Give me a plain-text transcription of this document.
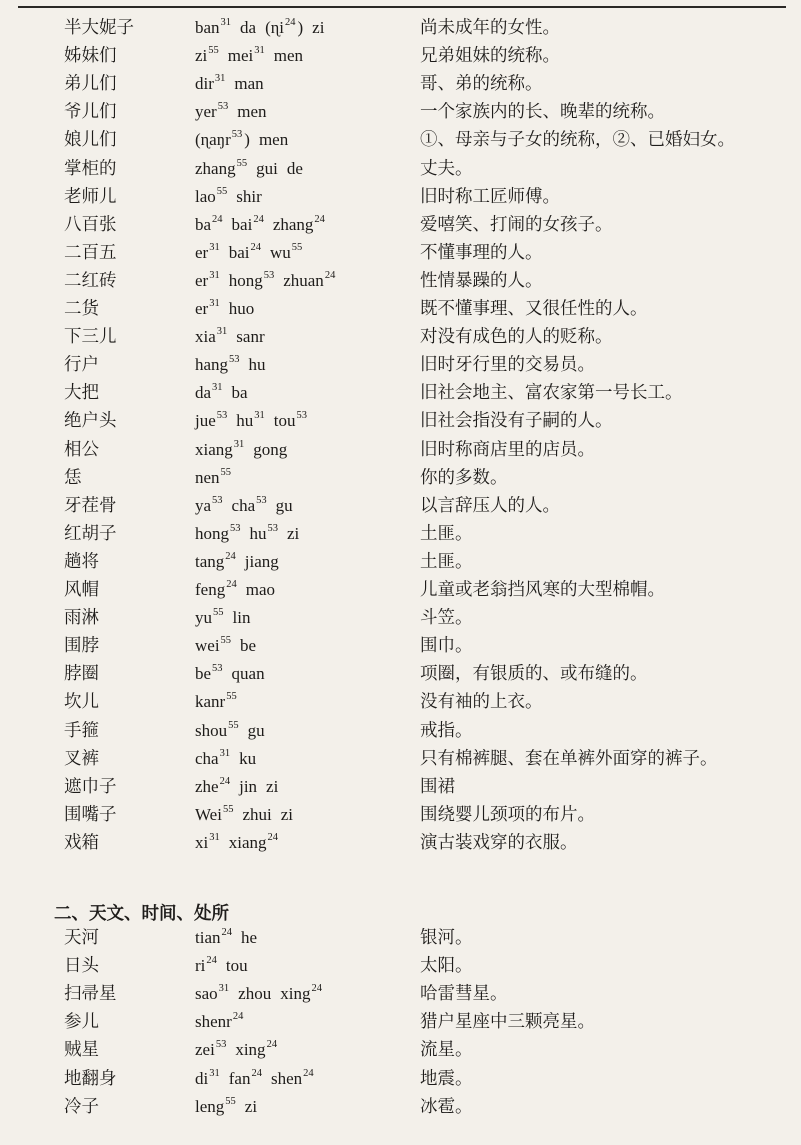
二、天文、时间、处所
半大妮子	ban$^{31}$ da (ɳi$^{24}$ ) zi	尚未成年的女性。
姊妹们	$zi^{55}$ mei$^{31}$ men	兄弟姐妹的统称。
弟儿们	dir$^{31}$ man	哥、弟的统称。
爷儿们	yer$^{53}$ men	一个家族内的长、晚辈的统称。
娘儿们	(ɳaŋr$^{53}$ ) men	①、母亲与子女的统称，②、已婚妇女。
掌柜的	zhang$^{55}$ gui de	丈夫。
老师儿	lao$^{55}$ shir	旧时称工匠师傅。
八百张	$ba^{24}$ bai$^{24}$ zhang$^{24}$	爱嘻笑、打闹的女孩子。
二百五	$er^{31}$ bai$^{24}$ $wu^{55}$	不懂事理的人。
二红砖	$er^{31}$ hong$^{53}$ zhuan$^{24}$	性情暴躁的人。
二货	$er^{31}$ huo	既不懂事理、又很任性的人。
下三儿	xia$^{31}$ sanr	对没有成色的人的贬称。
行户	hang$^{53}$ hu	旧时牙行里的交易员。
大把	$da^{31}$ ba	旧社会地主、富农家第一号长工。
绝户头	jue$^{53}$ $hu^{31}$ tou$^{53}$	旧社会指没有子嗣的人。
相公	xiang$^{31}$ gong	旧时称商店里的店员。
恁	nen$^{55}$	你的多数。
牙茬骨	$ya^{53}$ cha$^{53}$ gu	以言辞压人的人。
红胡子	hong$^{53}$ $hu^{53}$ zi	土匪。
趟将	tang$^{24}$ jiang	土匪。
风帽	feng$^{24}$ mao	儿童或老翁挡风寒的大型棉帽。
雨淋	$yu^{55}$ lin	斗笠。
围脖	wei$^{55}$ be	围巾。
脖圈	$be^{53}$ quan	项圈，有银质的、或布缝的。
坎儿	kanr$^{55}$	没有袖的上衣。
手箍	shou$^{55}$ gu	戒指。
叉裤	cha$^{31}$ ku	只有棉裤腿、套在单裤外面穿的裤子。
遮巾子	zhe$^{24}$ jin zi	围裙
围嘴子	Wei$^{55}$ zhui zi	围绕婴儿颈项的布片。
戏箱	$xi^{31}$ xiang$^{24}$	演古装戏穿的衣服。
天河	tian$^{24}$ he	银河。
日头	$ri^{24}$ tou	太阳。
扫帚星	sao$^{31}$ zhou xing$^{24}$	哈雷彗星。
参儿	shenr$^{24}$	猎户星座中三颗亮星。
贼星	zei$^{53}$ xing$^{24}$	流星。
地翻身	$di^{31}$ fan$^{24}$ shen$^{24}$	地震。
冷子	leng$^{55}$ zi	冰雹。
